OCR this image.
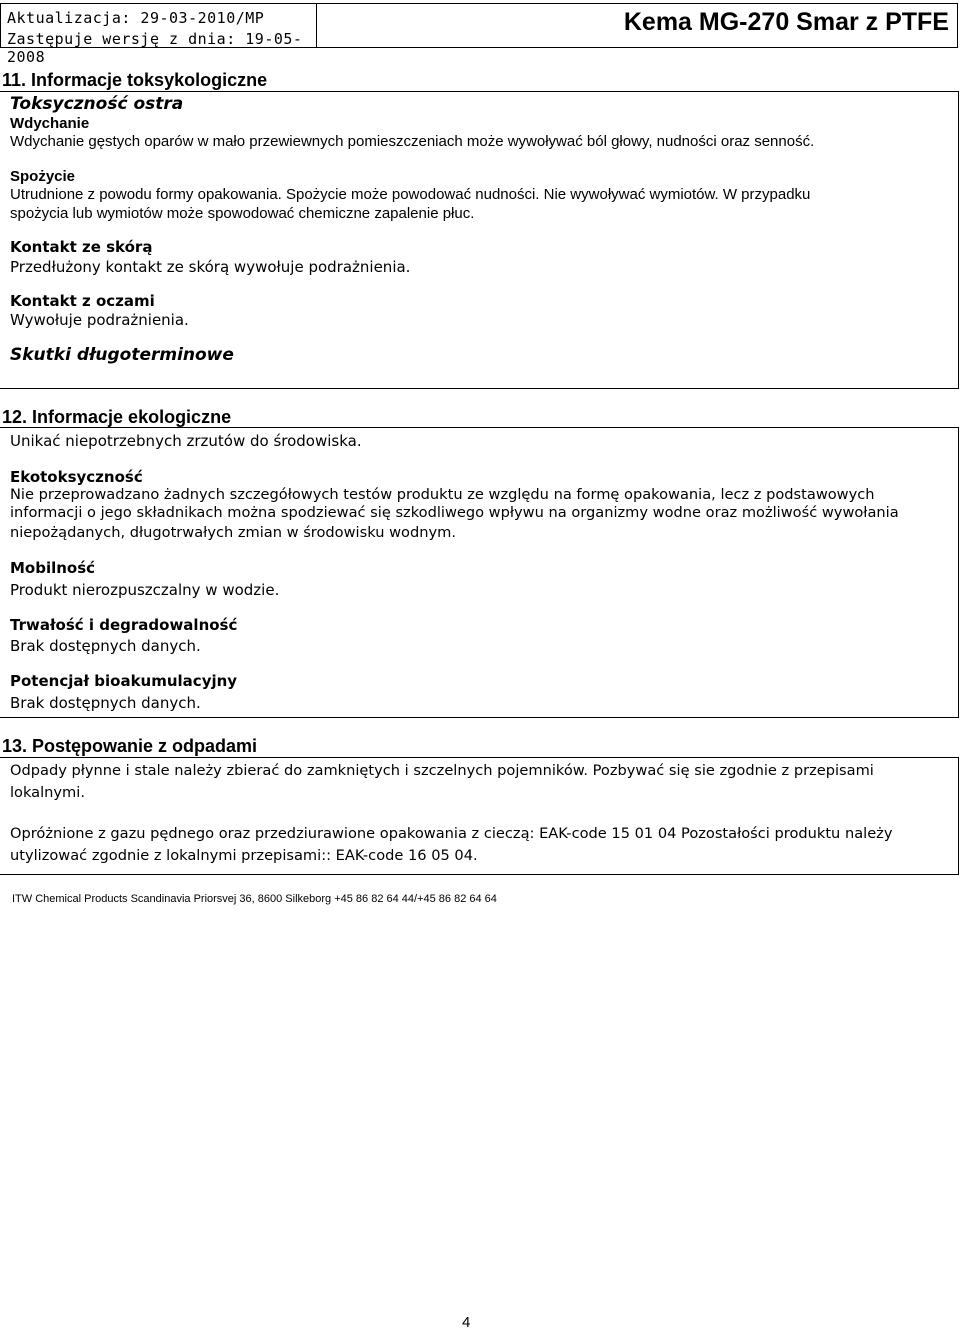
Aktualizacja: 29-03-2010/MP
Zastępuje wersję z dnia: 19-05-2008
Kema MG-270 Smar z PTFE
11. Informacje toksykologiczne
Toksyczność ostra
Wdychanie
Wdychanie gęstych oparów w mało przewiewnych pomieszczeniach może wywoływać ból głowy, nudności oraz senność.
Spożycie
Utrudnione z powodu formy opakowania. Spożycie może powodować nudności. Nie wywoływać wymiotów. W przypadku
spożycia lub wymiotów może spowodować chemiczne zapalenie płuc.
Kontakt ze skórą
Przedłużony kontakt ze skórą wywołuje podrażnienia.
Kontakt z oczami
Wywołuje podrażnienia.
Skutki długoterminowe
12. Informacje ekologiczne
Unikać niepotrzebnych zrzutów do środowiska.
Ekotoksyczność
Nie przeprowadzano żadnych szczegółowych testów produktu ze względu na formę opakowania, lecz z podstawowych
informacji o jego składnikach można spodziewać się szkodliwego wpływu na organizmy wodne oraz możliwość wywołania
niepożądanych, długotrwałych zmian w środowisku wodnym.
Mobilność
Produkt nierozpuszczalny w wodzie.
Trwałość i degradowalność
Brak dostępnych danych.
Potencjał bioakumulacyjny
Brak dostępnych danych.
13. Postępowanie z odpadami
Odpady płynne i stale należy zbierać do zamkniętych i szczelnych pojemników. Pozbywać się sie zgodnie z przepisami
lokalnymi.
Opróżnione z gazu pędnego oraz przedziurawione opakowania z cieczą: EAK-code 15 01 04 Pozostałości produktu należy
utylizować zgodnie z lokalnymi przepisami:: EAK-code 16 05 04.
ITW Chemical Products Scandinavia Priorsvej 36, 8600 Silkeborg +45 86 82 64 44/+45 86 82 64 64
4
